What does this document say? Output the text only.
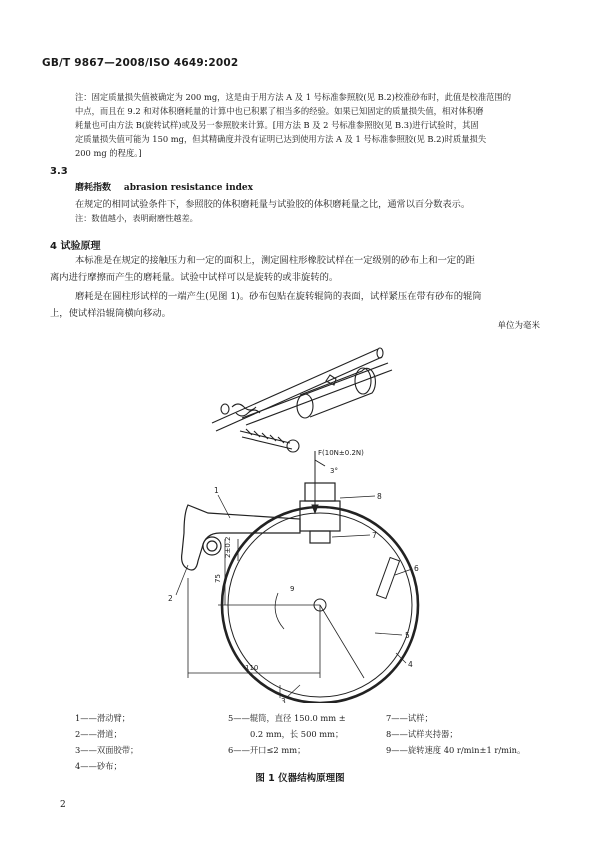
GB/T 9867—2008/ISO 4649:2002

注：固定质量损失值被确定为 200 mg，这是由于用方法 A 及 1 号标准参照胶(见 B.2)校准砂布时，此值是校准范围的

中点，而且在 9.2 和对体积磨耗量的计算中也已积累了相当多的经验。如果已知固定的质量损失值，相对体积磨

耗量也可由方法 B(旋转试样)或及另一参照胶来计算。[用方法 B 及 2 号标准参照胶(见 B.3)进行试验时，其固

定质量损失值可能为 150 mg，但其精确度并没有证明已达到使用方法 A 及 1 号标准参照胶(见 B.2)时质量损失

200 mg 的程度。]

3.3
磨耗指数 abrasion resistance index
在规定的相同试验条件下，参照胶的体积磨耗量与试验胶的体积磨耗量之比，通常以百分数表示。
注：数值越小，表明耐磨性越差。
4 试验原理

本标准是在规定的接触压力和一定的面积上，测定圆柱形橡胶试样在一定级别的砂布上和一定的距

离内进行摩擦而产生的磨耗量。试验中试样可以是旋转的或非旋转的。

磨耗是在圆柱形试样的一端产生(见图 1)。砂布包贴在旋转辊筒的表面，试样紧压在带有砂布的辊筒

上，使试样沿辊筒横向移动。

单位为毫米
F(10N±0.2N)
3°
9
2±0.2
75
110
1
2
3
4
5
6
7
8
1——滑动臂；
2——滑道；
3——双面胶带；
4——砂布；
5——辊筒，直径 150.0 mm ±
0.2 mm，长 500 mm；
6——开口≤2 mm；
7——试样；
8——试样夹持器；
9——旋转速度 40 r/min±1 r/min。
图 1 仪器结构原理图
2
